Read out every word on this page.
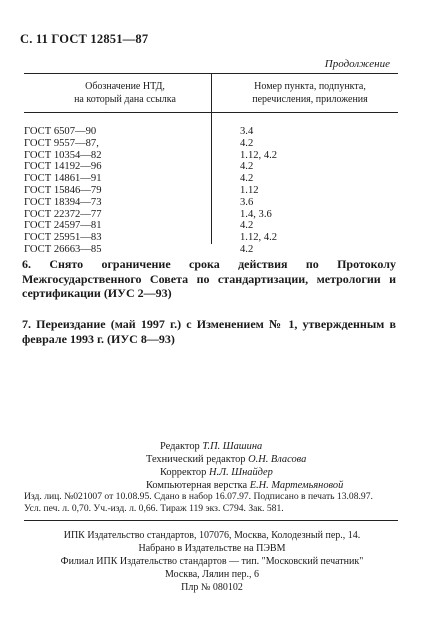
С. 11 ГОСТ 12851—87
Продолжение
Обозначение НТД,
на который дана ссылка
Номер пункта, подпункта,
перечисления, приложения
ГОСТ 6507—90
ГОСТ 9557—87,
ГОСТ 10354—82
ГОСТ 14192—96
ГОСТ 14861—91
ГОСТ 15846—79
ГОСТ 18394—73
ГОСТ 22372—77
ГОСТ 24597—81
ГОСТ 25951—83
ГОСТ 26663—85
3.4
4.2
1.12, 4.2
4.2
4.2
1.12
3.6
1.4, 3.6
4.2
1.12, 4.2
4.2
6. Снято ограничение срока действия по Протоколу Межгосударственного Совета по стандартизации, метрологии и сертификации (ИУС 2—93)
7. Переиздание (май 1997 г.) с Изменением № 1, утвержденным в феврале 1993 г. (ИУС 8—93)
Редактор Т.П. Шашина
Технический редактор О.Н. Власова
Корректор Н.Л. Шнайдер
Компьютерная верстка Е.Н. Мартемьяновой
Изд. лиц. №021007 от 10.08.95. Сдано в набор 16.07.97. Подписано в печать 13.08.97.
Усл. печ. л. 0,70. Уч.-изд. л. 0,66. Тираж 119 экз. С794. Зак. 581.
ИПК Издательство стандартов, 107076, Москва, Колодезный пер., 14.
Набрано в Издательстве на ПЭВМ
Филиал ИПК Издательство стандартов — тип. "Московский печатник"
Москва, Лялин пер., 6
Плр № 080102
